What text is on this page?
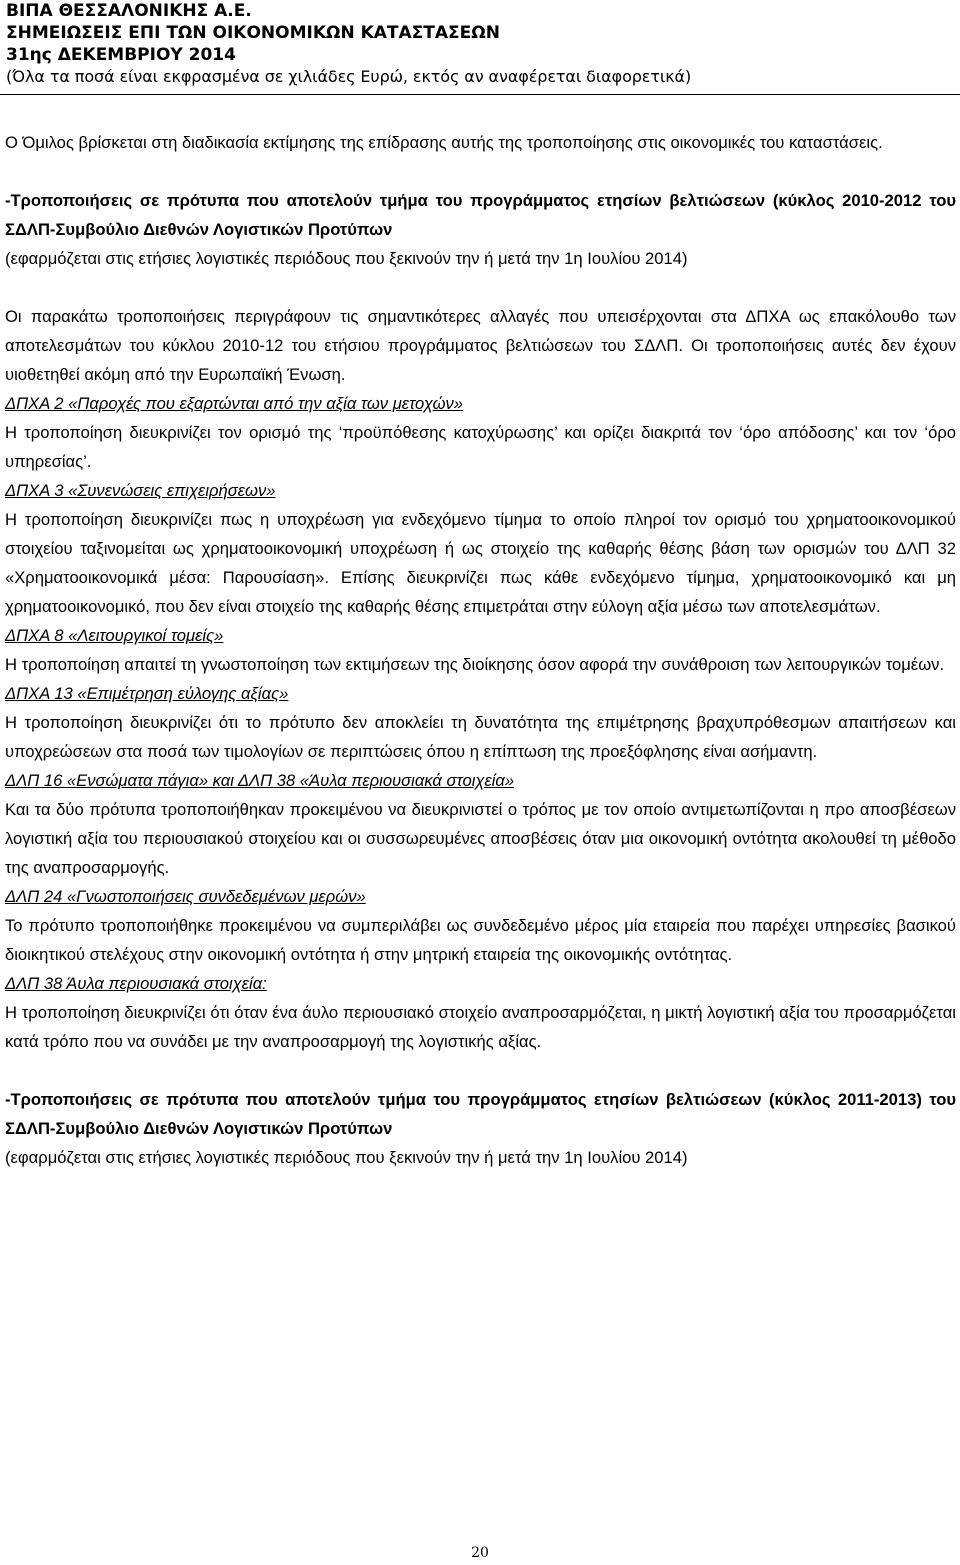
ΒΙΠΑ ΘΕΣΣΑΛΟΝΙΚΗΣ Α.Ε.
ΣΗΜΕΙΩΣΕΙΣ ΕΠΙ ΤΩΝ ΟΙΚΟΝΟΜΙΚΩΝ ΚΑΤΑΣΤΑΣΕΩΝ
31ης ΔΕΚΕΜΒΡΙΟΥ 2014
(Όλα τα ποσά είναι εκφρασμένα σε χιλιάδες Ευρώ, εκτός αν αναφέρεται διαφορετικά)

Ο Όμιλος βρίσκεται στη διαδικασία εκτίμησης της επίδρασης αυτής της τροποποίησης στις οικονομικές του καταστάσεις.

-Τροποποιήσεις σε πρότυπα που αποτελούν τμήμα του προγράμματος ετησίων βελτιώσεων (κύκλος 2010-2012 του ΣΔΛΠ-Συμβούλιο Διεθνών Λογιστικών Προτύπων

(εφαρμόζεται στις ετήσιες λογιστικές περιόδους που ξεκινούν την ή μετά την 1η Ιουλίου 2014)

Οι παρακάτω τροποποιήσεις περιγράφουν τις σημαντικότερες αλλαγές που υπεισέρχονται στα ΔΠΧΑ ως επακόλουθο των αποτελεσμάτων του κύκλου 2010-12 του ετήσιου προγράμματος βελτιώσεων του ΣΔΛΠ. Οι τροποποιήσεις αυτές δεν έχουν υιοθετηθεί ακόμη από την Ευρωπαϊκή Ένωση.

ΔΠΧΑ 2 «Παροχές που εξαρτώνται από την αξία των μετοχών»

Η τροποποίηση διευκρινίζει τον ορισμό της ‘προϋπόθεσης κατοχύρωσης’ και ορίζει διακριτά τον ‘όρο απόδοσης’ και τον ‘όρο υπηρεσίας’.

ΔΠΧΑ 3 «Συνενώσεις επιχειρήσεων»

Η τροποποίηση διευκρινίζει πως η υποχρέωση για ενδεχόμενο τίμημα το οποίο πληροί τον ορισμό του χρηματοοικονομικού στοιχείου ταξινομείται ως χρηματοοικονομική υποχρέωση ή ως στοιχείο της καθαρής θέσης βάση των ορισμών του ΔΛΠ 32 «Χρηματοοικονομικά μέσα: Παρουσίαση». Επίσης διευκρινίζει πως κάθε ενδεχόμενο τίμημα, χρηματοοικονομικό και μη χρηματοοικονομικό, που δεν είναι στοιχείο της καθαρής θέσης επιμετράται στην εύλογη αξία μέσω των αποτελεσμάτων.

ΔΠΧΑ 8 «Λειτουργικοί τομείς»

Η τροποποίηση απαιτεί τη γνωστοποίηση των εκτιμήσεων της διοίκησης όσον αφορά την συνάθροιση των λειτουργικών τομέων.

ΔΠΧΑ 13 «Επιμέτρηση εύλογης αξίας»

Η τροποποίηση διευκρινίζει ότι το πρότυπο δεν αποκλείει τη δυνατότητα της επιμέτρησης βραχυπρόθεσμων απαιτήσεων και υποχρεώσεων στα ποσά των τιμολογίων σε περιπτώσεις όπου η επίπτωση της προεξόφλησης είναι ασήμαντη.

ΔΛΠ 16 «Ενσώματα πάγια» και ΔΛΠ 38 «Άυλα περιουσιακά στοιχεία»

Και τα δύο πρότυπα τροποποιήθηκαν προκειμένου να διευκρινιστεί ο τρόπος με τον οποίο αντιμετωπίζονται η προ αποσβέσεων λογιστική αξία του περιουσιακού στοιχείου και οι συσσωρευμένες αποσβέσεις όταν μια οικονομική οντότητα ακολουθεί τη μέθοδο της αναπροσαρμογής.

ΔΛΠ 24 «Γνωστοποιήσεις συνδεδεμένων μερών»

Το πρότυπο τροποποιήθηκε προκειμένου να συμπεριλάβει ως συνδεδεμένο μέρος μία εταιρεία που παρέχει υπηρεσίες βασικού διοικητικού στελέχους στην οικονομική οντότητα ή στην μητρική εταιρεία της οικονομικής οντότητας.

ΔΛΠ 38 Άυλα περιουσιακά στοιχεία:

Η τροποποίηση διευκρινίζει ότι όταν ένα άυλο περιουσιακό στοιχείο αναπροσαρμόζεται, η μικτή λογιστική αξία του προσαρμόζεται κατά τρόπο που να συνάδει με την αναπροσαρμογή της λογιστικής αξίας.

-Τροποποιήσεις σε πρότυπα που αποτελούν τμήμα του προγράμματος ετησίων βελτιώσεων (κύκλος 2011-2013) του ΣΔΛΠ-Συμβούλιο Διεθνών Λογιστικών Προτύπων

(εφαρμόζεται στις ετήσιες λογιστικές περιόδους που ξεκινούν την ή μετά την 1η Ιουλίου 2014)

20
